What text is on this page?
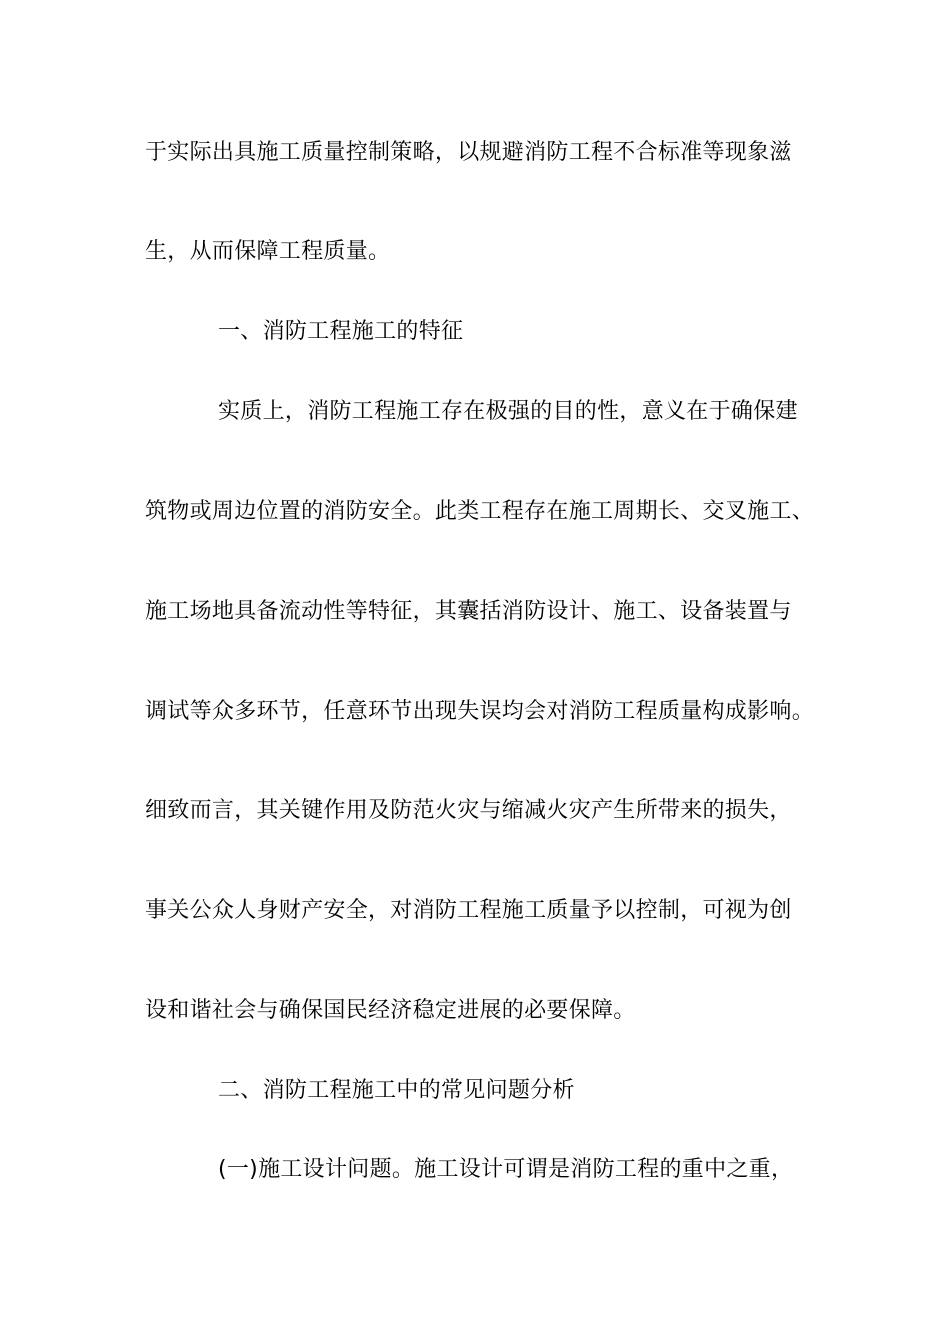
于实际出具施工质量控制策略，以规避消防工程不合标准等现象滋
生，从而保障工程质量。
一、消防工程施工的特征
实质上，消防工程施工存在极强的目的性，意义在于确保建
筑物或周边位置的消防安全。此类工程存在施工周期长、交叉施工、
施工场地具备流动性等特征，其囊括消防设计、施工、设备装置与
调试等众多环节，任意环节出现失误均会对消防工程质量构成影响。
细致而言，其关键作用及防范火灾与缩减火灾产生所带来的损失，
事关公众人身财产安全，对消防工程施工质量予以控制，可视为创
设和谐社会与确保国民经济稳定进展的必要保障。
二、消防工程施工中的常见问题分析
(一)施工设计问题。施工设计可谓是消防工程的重中之重，
